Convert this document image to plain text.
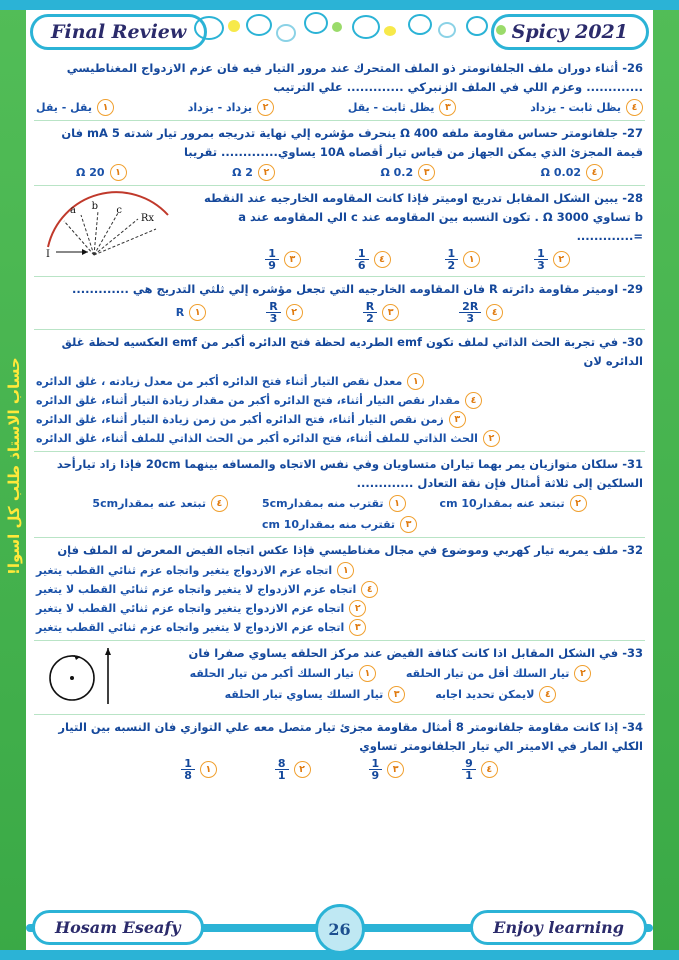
حساب الاستاذ طلب كل اسوا!
Final Review	Spicy 2021

26- أثناء دوران ملف الجلفانومتر ذو الملف المتحرك عند مرور التيار فيه فان عزم الازدواج المغناطيسي ............. وعزم اللي في الملف الزنبركي ............. علي الترتيب

٤
يظل ثابت - يزداد
٣
يظل ثابت - يقل
٢
يزداد - يزداد
١
يقل - يقل

27- جلفانومتر حساس مقاومة ملفه 400 Ω ينحرف مؤشره إلي نهاية تدريجه بمرور تيار شدته 5 mA فان قيمة المجزئ الذي يمكن الجهاز من قياس تيار أقصاه 10A يساوي............. تقريبا

٤
0.02 Ω
٣
0.2 Ω
٢
2 Ω
١
20 Ω

28- يبين الشكل المقابل تدريج اوميتر فإذا كانت المقاومه الخارجيه عند النقطه b تساوي 3000 Ω . تكون النسبه بين المقاومه عند c الي المقاومه عند a =.............

٢
$\frac{1}{3}$
١
$\frac{1}{2}$
٤
$\frac{1}{6}$
٣
$\frac{1}{9}$
a b c
Rx
I

29- اوميتر مقاومة دائرته R فان المقاومه الخارجيه التي تجعل مؤشره إلي ثلثي التدريج هي .............

٤
$\frac{2R}{3}$
٣
$\frac{R}{2}$
٢
$\frac{R}{3}$
١
R

30- في تجربة الحث الذاتي لملف تكون emf الطرديه لحظة فتح الدائره أكبر من emf العكسيه لحظة غلق الدائره لان

١
معدل نقص التيار أثناء فتح الدائره أكبر من معدل زيادته ، غلق الدائره
٤
مقدار نقص التيار أثناء، فتح الدائره أكبر من مقدار زيادة التيار أثناء، غلق الدائره
٣
زمن نقص التيار أثناء، فتح الدائره أكبر من زمن زيادة التيار أثناء، غلق الدائره
٢
الحث الذاتي للملف أثناء، فتح الدائره أكبر من الحث الذاتي للملف أثناء، غلق الدائره

31- سلكان متوازيان يمر بهما تياران متساويان وفي نفس الاتجاه والمسافه بينهما 20cm فإذا زاد تيارأحد السلكين إلى ثلاثة أمثال فإن نقة التعادل .............

٢
تبتعد عنه بمقدار10 cm
١
تقترب منه بمقدار5cm
٤
تبتعد عنه بمقدار5cm
٣
تقترب منه بمقدار10 cm

32- ملف يمريه تيار كهربي وموضوع في مجال مغناطيسي فإذا عكس اتجاه الفيض المعرض له الملف فإن

١
اتجاه عزم الازدواج يتغير واتجاه عزم ثنائي القطب يتغير
٤
اتجاه عزم الازدواج لا يتغير واتجاه عزم ثنائي القطب لا يتغير
٢
اتجاه عزم الازدواج يتغير واتجاه عزم ثنائي القطب لا يتغير
٣
اتجاه عزم الازدواج لا يتغير واتجاه عزم ثنائي القطب يتغير

33- في الشكل المقابل اذا كانت كثافة الفيض عند مركز الحلقه يساوي صفرا فان

٢
تيار السلك أقل من تيار الحلقه
١
تيار السلك أكبر من تيار الحلقه
٤
لايمكن تحديد اجابه
٣
تيار السلك يساوي تيار الحلقه

34- إذا كانت مقاومة جلفانومتر 8 أمثال مقاومة مجزئ تيار متصل معه علي التوازي فان النسبه بين التيار الكلي المار في الاميتر الي تيار الجلفانومتر تساوي

٤
$\frac{9}{1}$
٣
$\frac{1}{9}$
٢
$\frac{8}{1}$
١
$\frac{1}{8}$
Hosam Eseafy	26	Enjoy learning
